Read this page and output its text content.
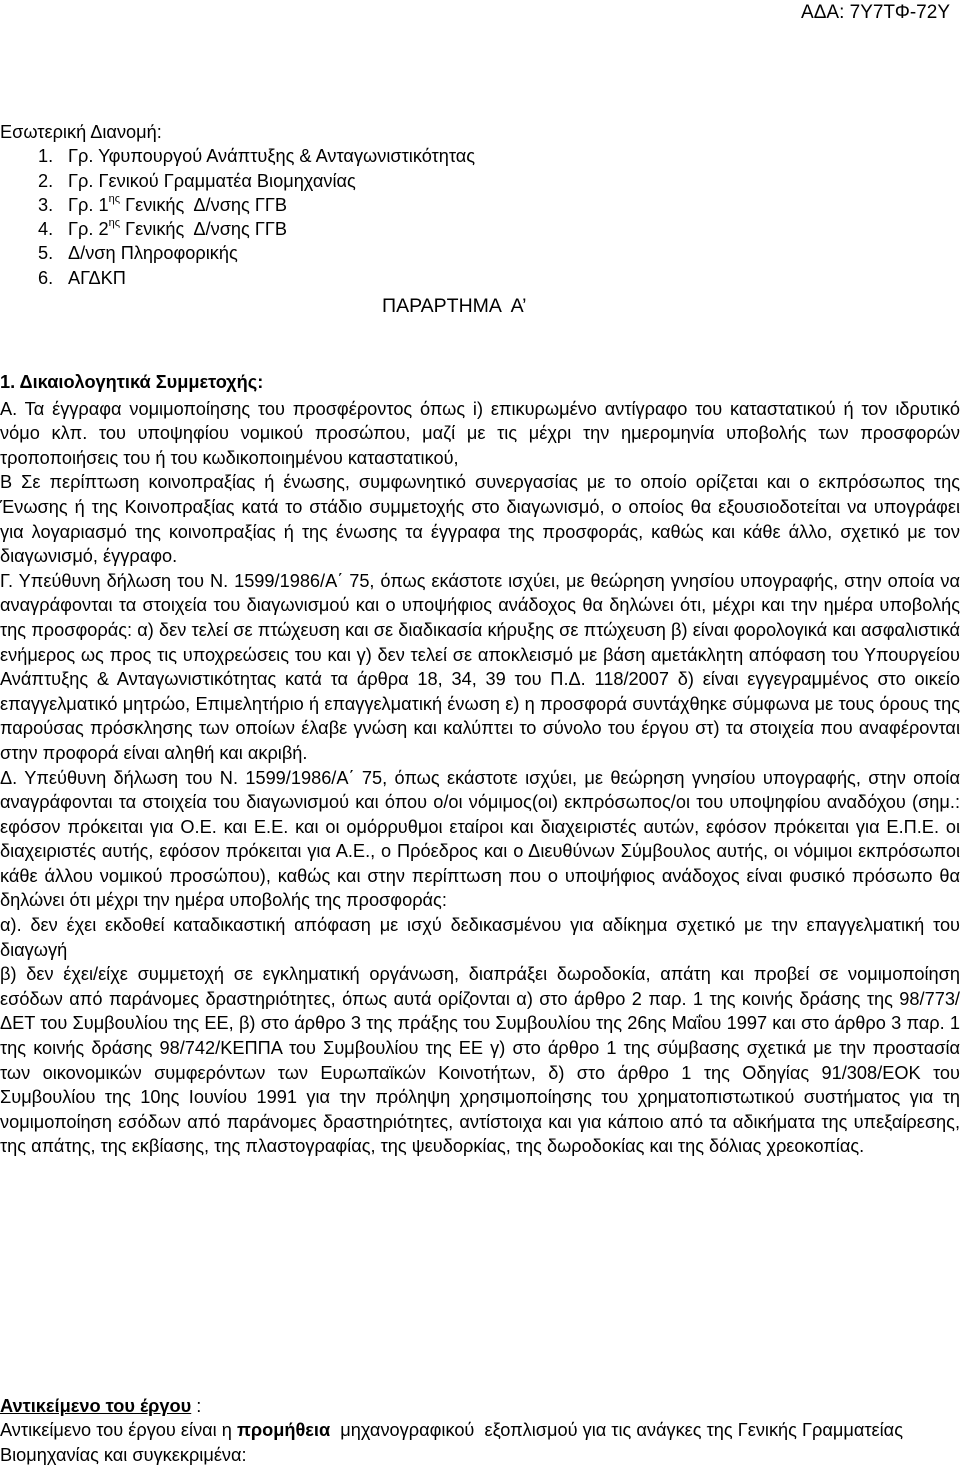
ΑΔΑ: 7Υ7ΤΦ-72Υ

Εσωτερική Διανομή:

1. Γρ. Υφυπουργού Ανάπτυξης & Ανταγωνιστικότητας
2. Γρ. Γενικού Γραμματέα Βιομηχανίας
3. Γρ. $1^{\eta\varsigma}$ Γενικής  Δ/νσης ΓΓΒ
4. Γρ. $2^{\eta\varsigma}$ Γενικής  Δ/νσης ΓΓΒ
5. Δ/νση Πληροφορικής
6. ΑΓΔΚΠ
ΠΑΡΑΡΤΗΜΑ  Α’

1. Δικαιολογητικά Συμμετοχής:

Α. Τα έγγραφα νομιμοποίησης του προσφέροντος όπως i) επικυρωμένο αντίγραφο του καταστατικού ή τον ιδρυτικό νόμο κλπ. του υποψηφίου νομικού προσώπου, μαζί με τις μέχρι την ημερομηνία υποβολής των προσφορών τροποποιήσεις του ή του κωδικοποιημένου καταστατικού,

Β Σε περίπτωση κοινοπραξίας ή ένωσης, συμφωνητικό συνεργασίας με το οποίο ορίζεται και ο εκπρόσωπος της Ένωσης ή της Κοινοπραξίας κατά το στάδιο συμμετοχής στο διαγωνισμό, ο οποίος θα εξουσιοδοτείται να υπογράφει για λογαριασμό της κοινοπραξίας ή της ένωσης τα έγγραφα της προσφοράς, καθώς και κάθε άλλο, σχετικό με τον διαγωνισμό, έγγραφο.

Γ. Υπεύθυνη δήλωση του Ν. 1599/1986/Α΄ 75, όπως εκάστοτε ισχύει, με θεώρηση γνησίου υπογραφής, στην οποία να αναγράφονται τα στοιχεία του διαγωνισμού και ο υποψήφιος ανάδοχος θα δηλώνει ότι, μέχρι και την ημέρα υποβολής της προσφοράς: α) δεν τελεί σε πτώχευση και σε διαδικασία κήρυξης σε πτώχευση β) είναι φορολογικά και ασφαλιστικά ενήμερος ως προς τις υποχρεώσεις του και γ) δεν τελεί σε αποκλεισμό με βάση αμετάκλητη απόφαση του Υπουργείου Ανάπτυξης & Ανταγωνιστικότητας κατά τα άρθρα 18, 34, 39 του Π.Δ. 118/2007 δ) είναι εγγεγραμμένος στο οικείο επαγγελματικό μητρώο, Επιμελητήριο ή επαγγελματική ένωση ε) η προσφορά συντάχθηκε σύμφωνα με τους όρους της παρούσας πρόσκλησης των οποίων έλαβε γνώση και καλύπτει το σύνολο του έργου στ) τα στοιχεία που αναφέρονται στην προφορά είναι αληθή και ακριβή.

Δ. Υπεύθυνη δήλωση του Ν. 1599/1986/Α΄ 75, όπως εκάστοτε ισχύει, με θεώρηση γνησίου υπογραφής, στην οποία αναγράφονται τα στοιχεία του διαγωνισμού και όπου ο/οι νόμιμος(οι) εκπρόσωπος/οι του υποψηφίου αναδόχου (σημ.: εφόσον πρόκειται για Ο.Ε. και Ε.Ε. και οι ομόρρυθμοι εταίροι και διαχειριστές αυτών, εφόσον πρόκειται για Ε.Π.Ε. οι διαχειριστές αυτής, εφόσον πρόκειται για Α.Ε., ο Πρόεδρος και ο Διευθύνων Σύμβουλος αυτής, οι νόμιμοι εκπρόσωποι κάθε άλλου νομικού προσώπου), καθώς και στην περίπτωση που ο υποψήφιος ανάδοχος είναι φυσικό πρόσωπο θα δηλώνει ότι μέχρι την ημέρα υποβολής της προσφοράς:

α). δεν έχει εκδοθεί καταδικαστική απόφαση με ισχύ δεδικασμένου για αδίκημα σχετικό με την επαγγελματική του διαγωγή

β) δεν έχει/είχε συμμετοχή σε εγκληματική οργάνωση, διαπράξει δωροδοκία, απάτη και προβεί σε νομιμοποίηση εσόδων από παράνομες δραστηριότητες, όπως αυτά ορίζονται α) στο άρθρο 2 παρ. 1 της κοινής δράσης της 98/773/ΔΕΤ του Συμβουλίου της ΕΕ, β) στο άρθρο 3 της πράξης του Συμβουλίου της 26ης Μαΐου 1997 και στο άρθρο 3 παρ. 1 της κοινής δράσης 98/742/ΚΕΠΠΑ του Συμβουλίου της ΕΕ γ) στο άρθρο 1 της σύμβασης σχετικά με την προστασία των οικονομικών συμφερόντων των Ευρωπαϊκών Κοινοτήτων, δ) στο άρθρο 1 της Οδηγίας 91/308/ΕΟΚ του Συμβουλίου της 10ης Ιουνίου 1991 για την πρόληψη χρησιμοποίησης του χρηματοπιστωτικού συστήματος για τη νομιμοποίηση εσόδων από παράνομες δραστηριότητες, αντίστοιχα και για κάποιο από τα αδικήματα της υπεξαίρεσης, της απάτης, της εκβίασης, της πλαστογραφίας, της ψευδορκίας, της δωροδοκίας και της δόλιας χρεοκοπίας.

Αντικείμενο του έργου :

Αντικείμενο του έργου είναι η προμήθεια  μηχανογραφικού  εξοπλισμού για τις ανάγκες της Γενικής Γραμματείας Βιομηχανίας και συγκεκριμένα:
